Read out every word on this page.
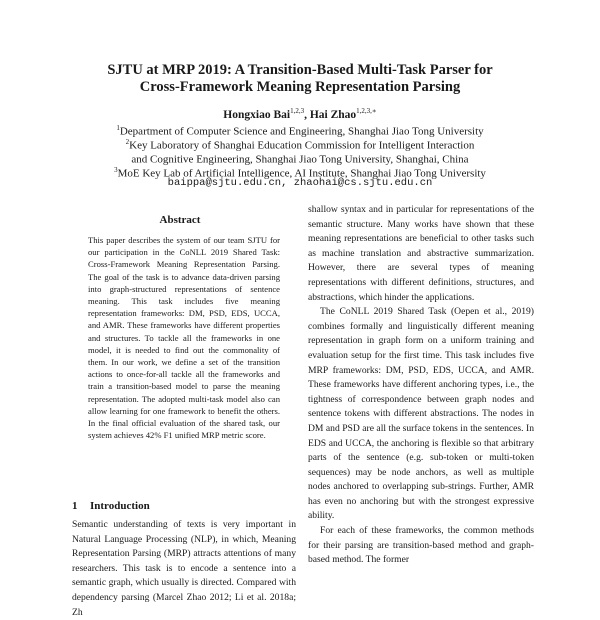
SJTU at MRP 2019: A Transition-Based Multi-Task Parser for
Cross-Framework Meaning Representation Parsing
Hongxiao Bai$^{1,2,3}$, Hai Zhao$^{1,2,3,∗}$
$^1$Department of Computer Science and Engineering, Shanghai Jiao Tong University
$^2$Key Laboratory of Shanghai Education Commission for Intelligent Interaction
and Cognitive Engineering, Shanghai Jiao Tong University, Shanghai, China
$^3$MoE Key Lab of Artificial Intelligence, AI Institute, Shanghai Jiao Tong University
baippa@sjtu.edu.cn, zhaohai@cs.sjtu.edu.cn
Abstract
This paper describes the system of our team SJTU for our participation in the CoNLL 2019 Shared Task: Cross-Framework Meaning Representation Parsing. The goal of the task is to advance data-driven parsing into graph-structured representations of sentence meaning. This task includes five meaning representation frameworks: DM, PSD, EDS, UCCA, and AMR. These frameworks have different properties and structures. To tackle all the frameworks in one model, it is needed to find out the commonality of them. In our work, we define a set of the transition actions to once-for-all tackle all the frameworks and train a transition-based model to parse the meaning representation. The adopted multi-task model also can allow learning for one framework to benefit the others. In the final official evaluation of the shared task, our system achieves 42% F1 unified MRP metric score.
1 Introduction
Semantic understanding of texts is very important in Natural Language Processing (NLP), in which, Meaning Representation Parsing (MRP) attracts attentions of many researchers. This task is to encode a sentence into a semantic graph, which usually is directed. Compared with dependency parsing (Marcel Zhao 2012; Li et al. 2018a; Zh

shallow syntax and in particular for representations of the semantic structure. Many works have shown that these meaning representations are beneficial to other tasks such as machine translation and abstractive summarization. However, there are several types of meaning representations with different definitions, structures, and abstractions, which hinder the applications.

The CoNLL 2019 Shared Task (Oepen et al., 2019) combines formally and linguistically different meaning representation in graph form on a uniform training and evaluation setup for the first time. This task includes five MRP frameworks: DM, PSD, EDS, UCCA, and AMR. These frameworks have different anchoring types, i.e., the tightness of correspondence between graph nodes and sentence tokens with different abstractions. The nodes in DM and PSD are all the surface tokens in the sentences. In EDS and UCCA, the anchoring is flexible so that arbitrary parts of the sentence (e.g. sub-token or multi-token sequences) may be node anchors, as well as multiple nodes anchored to overlapping sub-strings. Further, AMR has even no anchoring but with the strongest expressive ability.

For each of these frameworks, the common methods for their parsing are transition-based method and graph-based method. The former
